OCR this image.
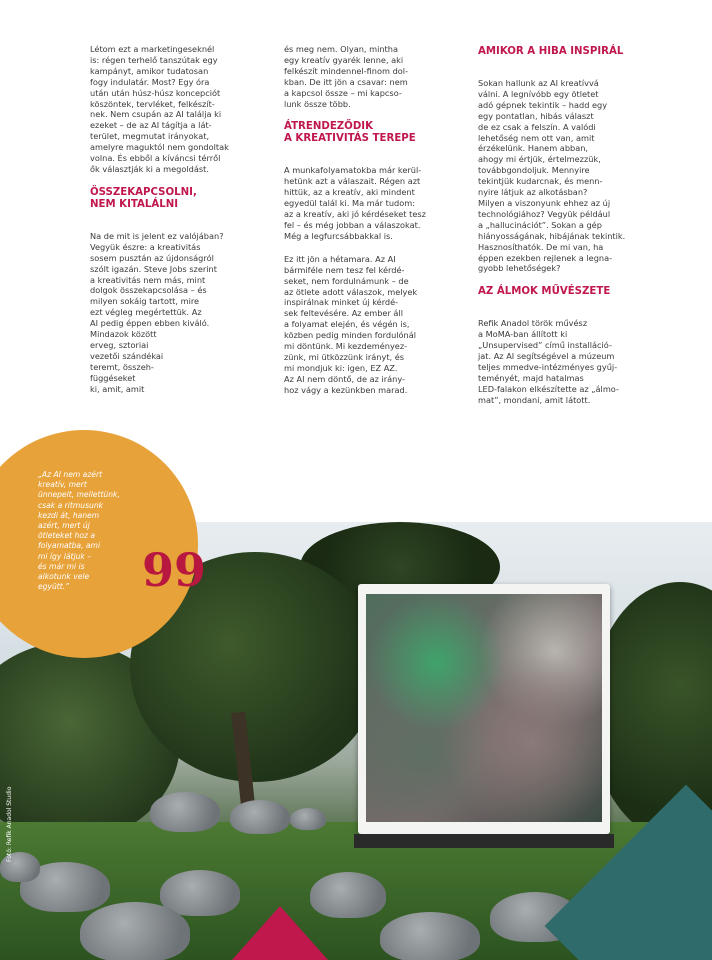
Létom ezt a marketingeseknél
is: régen terhelő tanszútak egy
kampányt, amikor tudatosan
fogy indulatár. Most? Egy óra
után után húsz-húsz koncepciót
köszöntek, tervléket, felkészít-
nek. Nem csupán az AI találja ki
ezeket – de az AI tágítja a lát-
terület, megmutat irányokat,
amelyre maguktól nem gondoltak
volna. És ebből a kíváncsi térről
ők választják ki a megoldást.

ÖSSZEKAPCSOLNI,
NEM KITALÁLNI

Na de mit is jelent ez valójában?
Vegyük észre: a kreativitás
sosem pusztán az újdonságról
szólt igazán. Steve Jobs szerint
a kreativitás nem más, mint
dolgok összekapcsolása – és
milyen sokáig tartott, mire
ezt végleg megértettük. Az
AI pedig éppen ebben kiváló.
Mindazok között
erveg, sztoriai
vezetői szándékai
teremt, összeh-
függéseket
ki, amit, amit

és meg nem. Olyan, mintha
egy kreatív gyarék lenne, aki
felkészít mindennel-finom dol-
kban. De itt jön a csavar: nem
a kapcsol össze – mi kapcso-
lunk össze több.

ÁTRENDEZŐDIK
A KREATIVITÁS TEREPE

A munkafolyamatokba már kerül-
hetünk azt a válaszait. Régen azt
hittük, az a kreatív, aki mindent
egyedül talál ki. Ma már tudom:
az a kreatív, aki jó kérdéseket tesz
fel – és még jobban a válaszokat.
Még a legfurcsábbakkal is.

Ez itt jön a hétamara. Az AI
bármiféle nem tesz fel kérdé-
seket, nem fordulnámunk – de
az ötlete adott válaszok, melyek
inspirálnak minket új kérdé-
sek feltevésére. Az ember áll
a folyamat elején, és végén is,
közben pedig minden fordulónál
mi döntünk. Mi kezdeményez-
zünk, mi ütközzünk irányt, és
mi mondjuk ki: igen, EZ AZ.
Az AI nem döntő, de az irány-
hoz vágy a kezünkben marad.

AMIKOR A HIBA INSPIRÁL

Sokan hallunk az AI kreatívvá
válni. A legnívóbb egy ötletet
adó gépnek tekintik – hadd egy
egy pontatlan, hibás választ
de ez csak a felszín. A valódi
lehetőség nem ott van, amit
érzékelünk. Hanem abban,
ahogy mi értjük, értelmezzük,
továbbgondoljuk. Mennyire
tekintjük kudarcnak, és menn-
nyire látjuk az alkotásban?
Milyen a viszonyunk ehhez az új
technológiához? Vegyük például
a „hallucinációt”. Sokan a gép
hiányosságának, hibájának tekintik.
Hasznosíthatók. De mi van, ha
éppen ezekben rejlenek a legna-
gyobb lehetőségek?

AZ ÁLMOK MŰVÉSZETE

Refik Anadol török művész
a MoMA-ban állított ki
„Unsupervised” című installáció-
jat. Az AI segítségével a múzeum
teljes mmedve-intézményes gyűj-
teményét, majd hatalmas
LED-falakon elkészítette az „álmo-
mat”, mondani, amit látott.

„Az AI nem azért
kreatív, mert
ünnepelt, mellettünk,
csak a ritmusunk
kezdi át, hanem
azért, mert új
ötleteket hoz a
folyamatba, ami
mi így látjuk –
és már mi is
alkotunk vele
együtt.”	99
Fotó: Refik Anadol Studio
